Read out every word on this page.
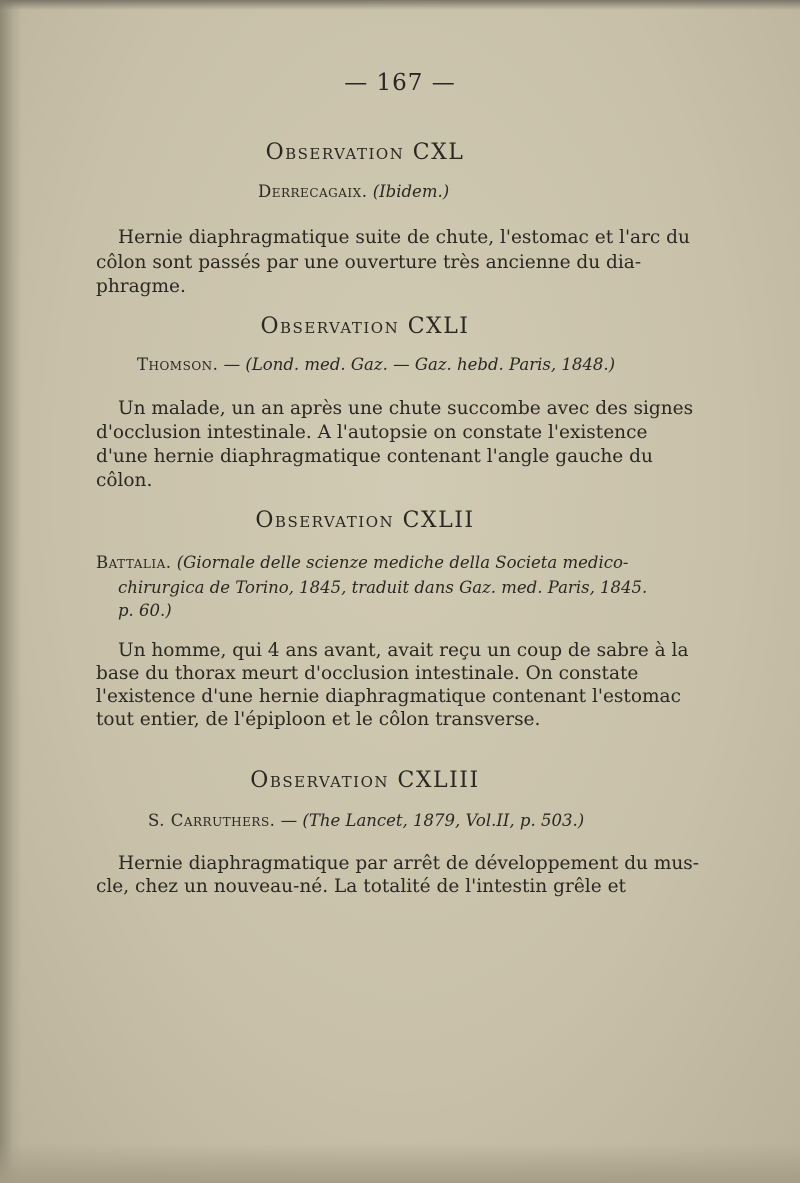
— 167 —
Observation CXL
Derrecagaix. (Ibidem.)
Hernie diaphragmatique suite de chute, l'estomac et l'arc du
côlon sont passés par une ouverture très ancienne du dia-
phragme.
Observation CXLI
Thomson. — (Lond. med. Gaz. — Gaz. hebd. Paris, 1848.)
Un malade, un an après une chute succombe avec des signes
d'occlusion intestinale. A l'autopsie on constate l'existence
d'une hernie diaphragmatique contenant l'angle gauche du
côlon.
Observation CXLII
Battalia. (Giornale delle scienze mediche della Societa medico-
chirurgica de Torino, 1845, traduit dans Gaz. med. Paris, 1845.
p. 60.)
Un homme, qui 4 ans avant, avait reçu un coup de sabre à la
base du thorax meurt d'occlusion intestinale. On constate
l'existence d'une hernie diaphragmatique contenant l'estomac
tout entier, de l'épiploon et le côlon transverse.
Observation CXLIII
S. Carruthers. — (The Lancet, 1879, Vol.II, p. 503.)
Hernie diaphragmatique par arrêt de développement du mus-
cle, chez un nouveau-né. La totalité de l'intestin grêle et
